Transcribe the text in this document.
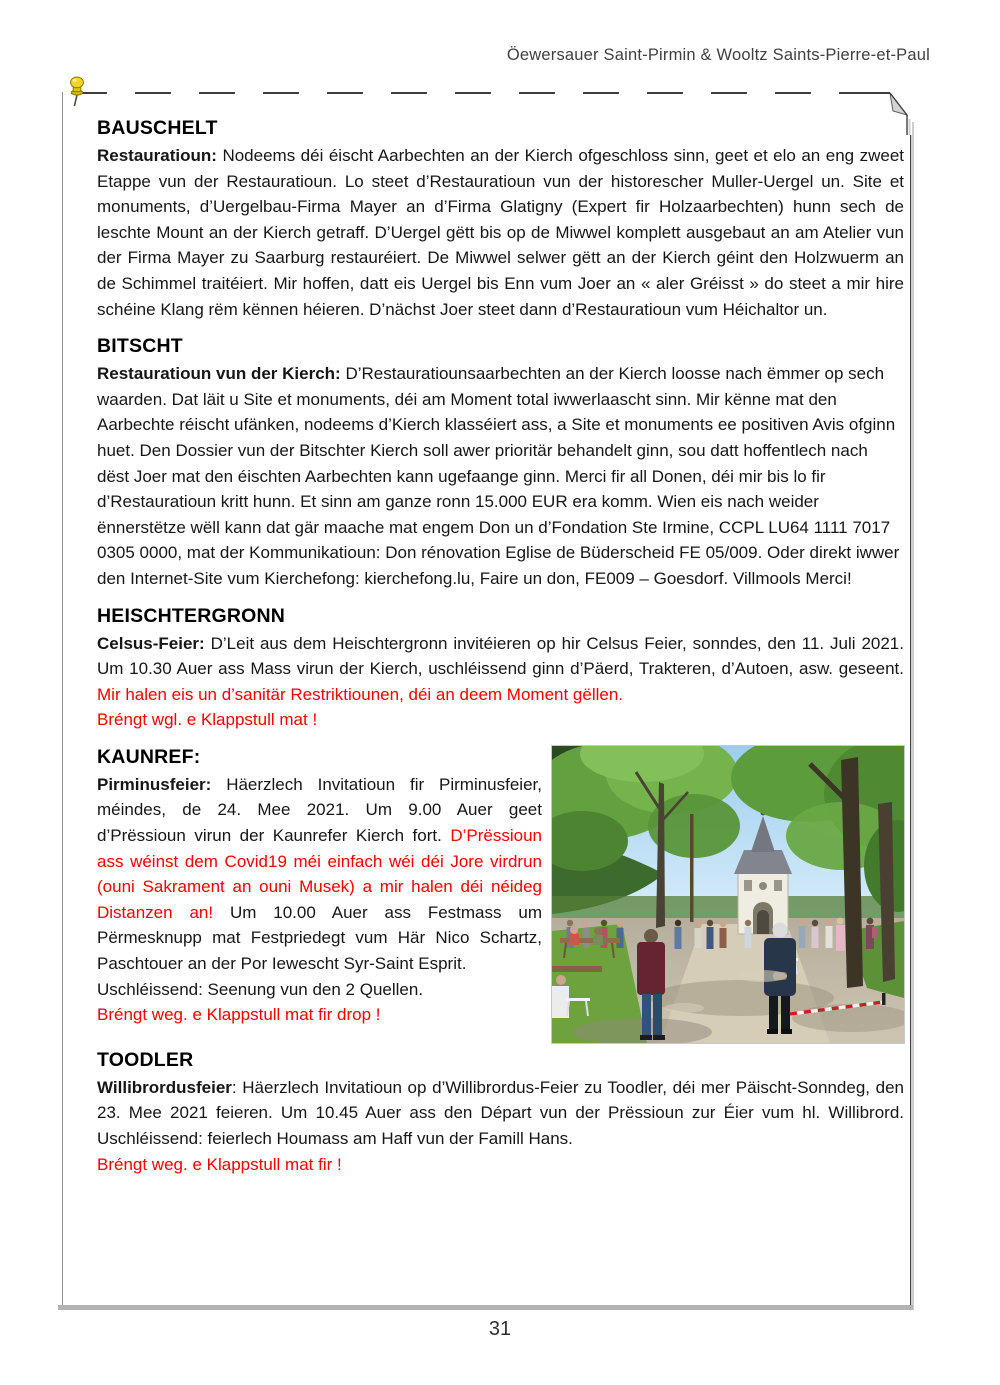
Öewersauer Saint-Pirmin & Wooltz Saints-Pierre-et-Paul
BAUSCHELT

Restauratioun: Nodeems déi éischt Aarbechten an der Kierch ofgeschloss sinn, geet et elo an eng zweet Etappe vun der Restauratioun. Lo steet d’Restauratioun vun der historescher Muller-Uergel un. Site et monuments, d’Uergelbau-Firma Mayer an d’Firma Glatigny (Expert fir Holzaarbechten) hunn sech de leschte Mount an der Kierch getraff. D’Uergel gëtt bis op de Miwwel komplett ausgebaut an am Atelier vun der Firma Mayer zu Saarburg restauréiert. De Miwwel selwer gëtt an der Kierch géint den Holzwuerm an de Schimmel traitéiert. Mir hoffen, datt eis Uergel bis Enn vum Joer an « aler Gréisst » do steet a mir hire schéine Klang rëm kënnen héieren. D’nächst Joer steet dann d’Restauratioun vum Héichaltor un.

BITSCHT

Restauratioun vun der Kierch: D’Restauratiounsaarbechten an der Kierch loosse nach ëmmer op sech waarden. Dat läit u Site et monuments, déi am Moment total iwwerlaascht sinn. Mir kënne mat den Aarbechte réischt ufänken, nodeems d’Kierch klasséiert ass, a Site et monuments ee positiven Avis ofginn huet. Den Dossier vun der Bitschter Kierch soll awer prioritär behandelt ginn, sou datt hoffentlech nach dëst Joer mat den éischten Aarbechten kann ugefaange ginn. Merci fir all Donen, déi mir bis lo fir d’Restauratioun kritt hunn. Et sinn am ganze ronn 15.000 EUR era komm. Wien eis nach weider ënnerstëtze wëll kann dat gär maache mat engem Don un d’Fondation Ste Irmine, CCPL LU64 1111 7017 0305 0000, mat der Kommunikatioun: Don rénovation Eglise de Büderscheid FE 05/009. Oder direkt iwwer den Internet-Site vum Kierchefong: kierchefong.lu, Faire un don, FE009 – Goesdorf. Villmools Merci!

HEISCHTERGRONN

Celsus-Feier: D’Leit aus dem Heischtergronn invitéieren op hir Celsus Feier, sonndes, den 11. Juli 2021. Um 10.30 Auer ass Mass virun der Kierch, uschléissend ginn d’Päerd, Trakteren, d’Autoen, asw. geseent. Mir halen eis un d’sanitär Restriktiounen, déi an deem Moment gëllen.
Bréngt wgl. e Klappstull mat !

KAUNREF:

Pirminusfeier: Häerzlech Invitatioun fir Pirminusfeier, méindes, de 24. Mee 2021. Um 9.00 Auer geet d’Prëssioun virun der Kaunrefer Kierch fort. D’Prëssioun ass wéinst dem Covid19 méi einfach wéi déi Jore virdrun (ouni Sakrament an ouni Musek) a mir halen déi néideg Distanzen an! Um 10.00 Auer ass Festmass um Përmesknupp mat Festpriedegt vum Här Nico Schartz, Paschtouer an der Por Iewescht Syr-Saint Esprit.
Uschléissend: Seenung vun den 2 Quellen.
Bréngt weg. e Klappstull mat fir drop !

TOODLER

Willibrordusfeier: Häerzlech Invitatioun op d’Willibrordus-Feier zu Toodler, déi mer Päischt-Sonndeg, den 23. Mee 2021 feieren. Um 10.45 Auer ass den Départ vun der Prëssioun zur Éier vum hl. Willibrord. Uschléissend: feierlech Houmass am Haff vun der Famill Hans.
Bréngt weg. e Klappstull mat fir !

31
